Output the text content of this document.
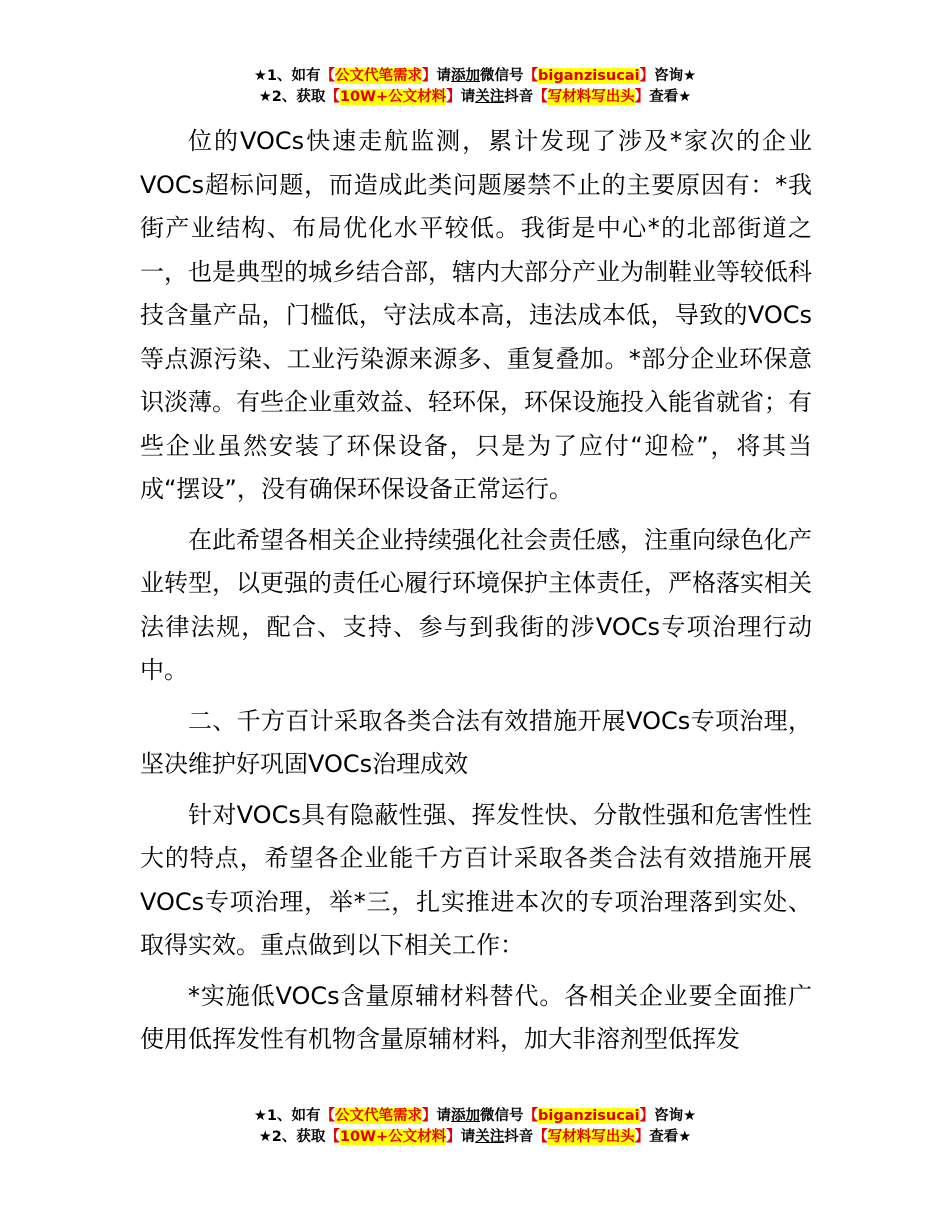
★1、如有【公文代笔需求】请添加微信号【biganzisucai】咨询★
★2、获取【10W+公文材料】请关注抖音【写材料写出头】查看★

位的VOCs快速走航监测，累计发现了涉及*家次的企业VOCs超标问题，而造成此类问题屡禁不止的主要原因有：*我街产业结构、布局优化水平较低。我街是中心*的北部街道之一，也是典型的城乡结合部，辖内大部分产业为制鞋业等较低科技含量产品，门槛低，守法成本高，违法成本低，导致的VOCs等点源污染、工业污染源来源多、重复叠加。*部分企业环保意识淡薄。有些企业重效益、轻环保，环保设施投入能省就省；有些企业虽然安装了环保设备，只是为了应付“迎检”，将其当成“摆设”，没有确保环保设备正常运行。

在此希望各相关企业持续强化社会责任感，注重向绿色化产业转型，以更强的责任心履行环境保护主体责任，严格落实相关法律法规，配合、支持、参与到我街的涉VOCs专项治理行动中。

二、千方百计采取各类合法有效措施开展VOCs专项治理，坚决维护好巩固VOCs治理成效

针对VOCs具有隐蔽性强、挥发性快、分散性强和危害性性大的特点，希望各企业能千方百计采取各类合法有效措施开展VOCs专项治理，举*三，扎实推进本次的专项治理落到实处、取得实效。重点做到以下相关工作：

*实施低VOCs含量原辅材料替代。各相关企业要全面推广使用低挥发性有机物含量原辅材料，加大非溶剂型低挥发

★1、如有【公文代笔需求】请添加微信号【biganzisucai】咨询★
★2、获取【10W+公文材料】请关注抖音【写材料写出头】查看★
